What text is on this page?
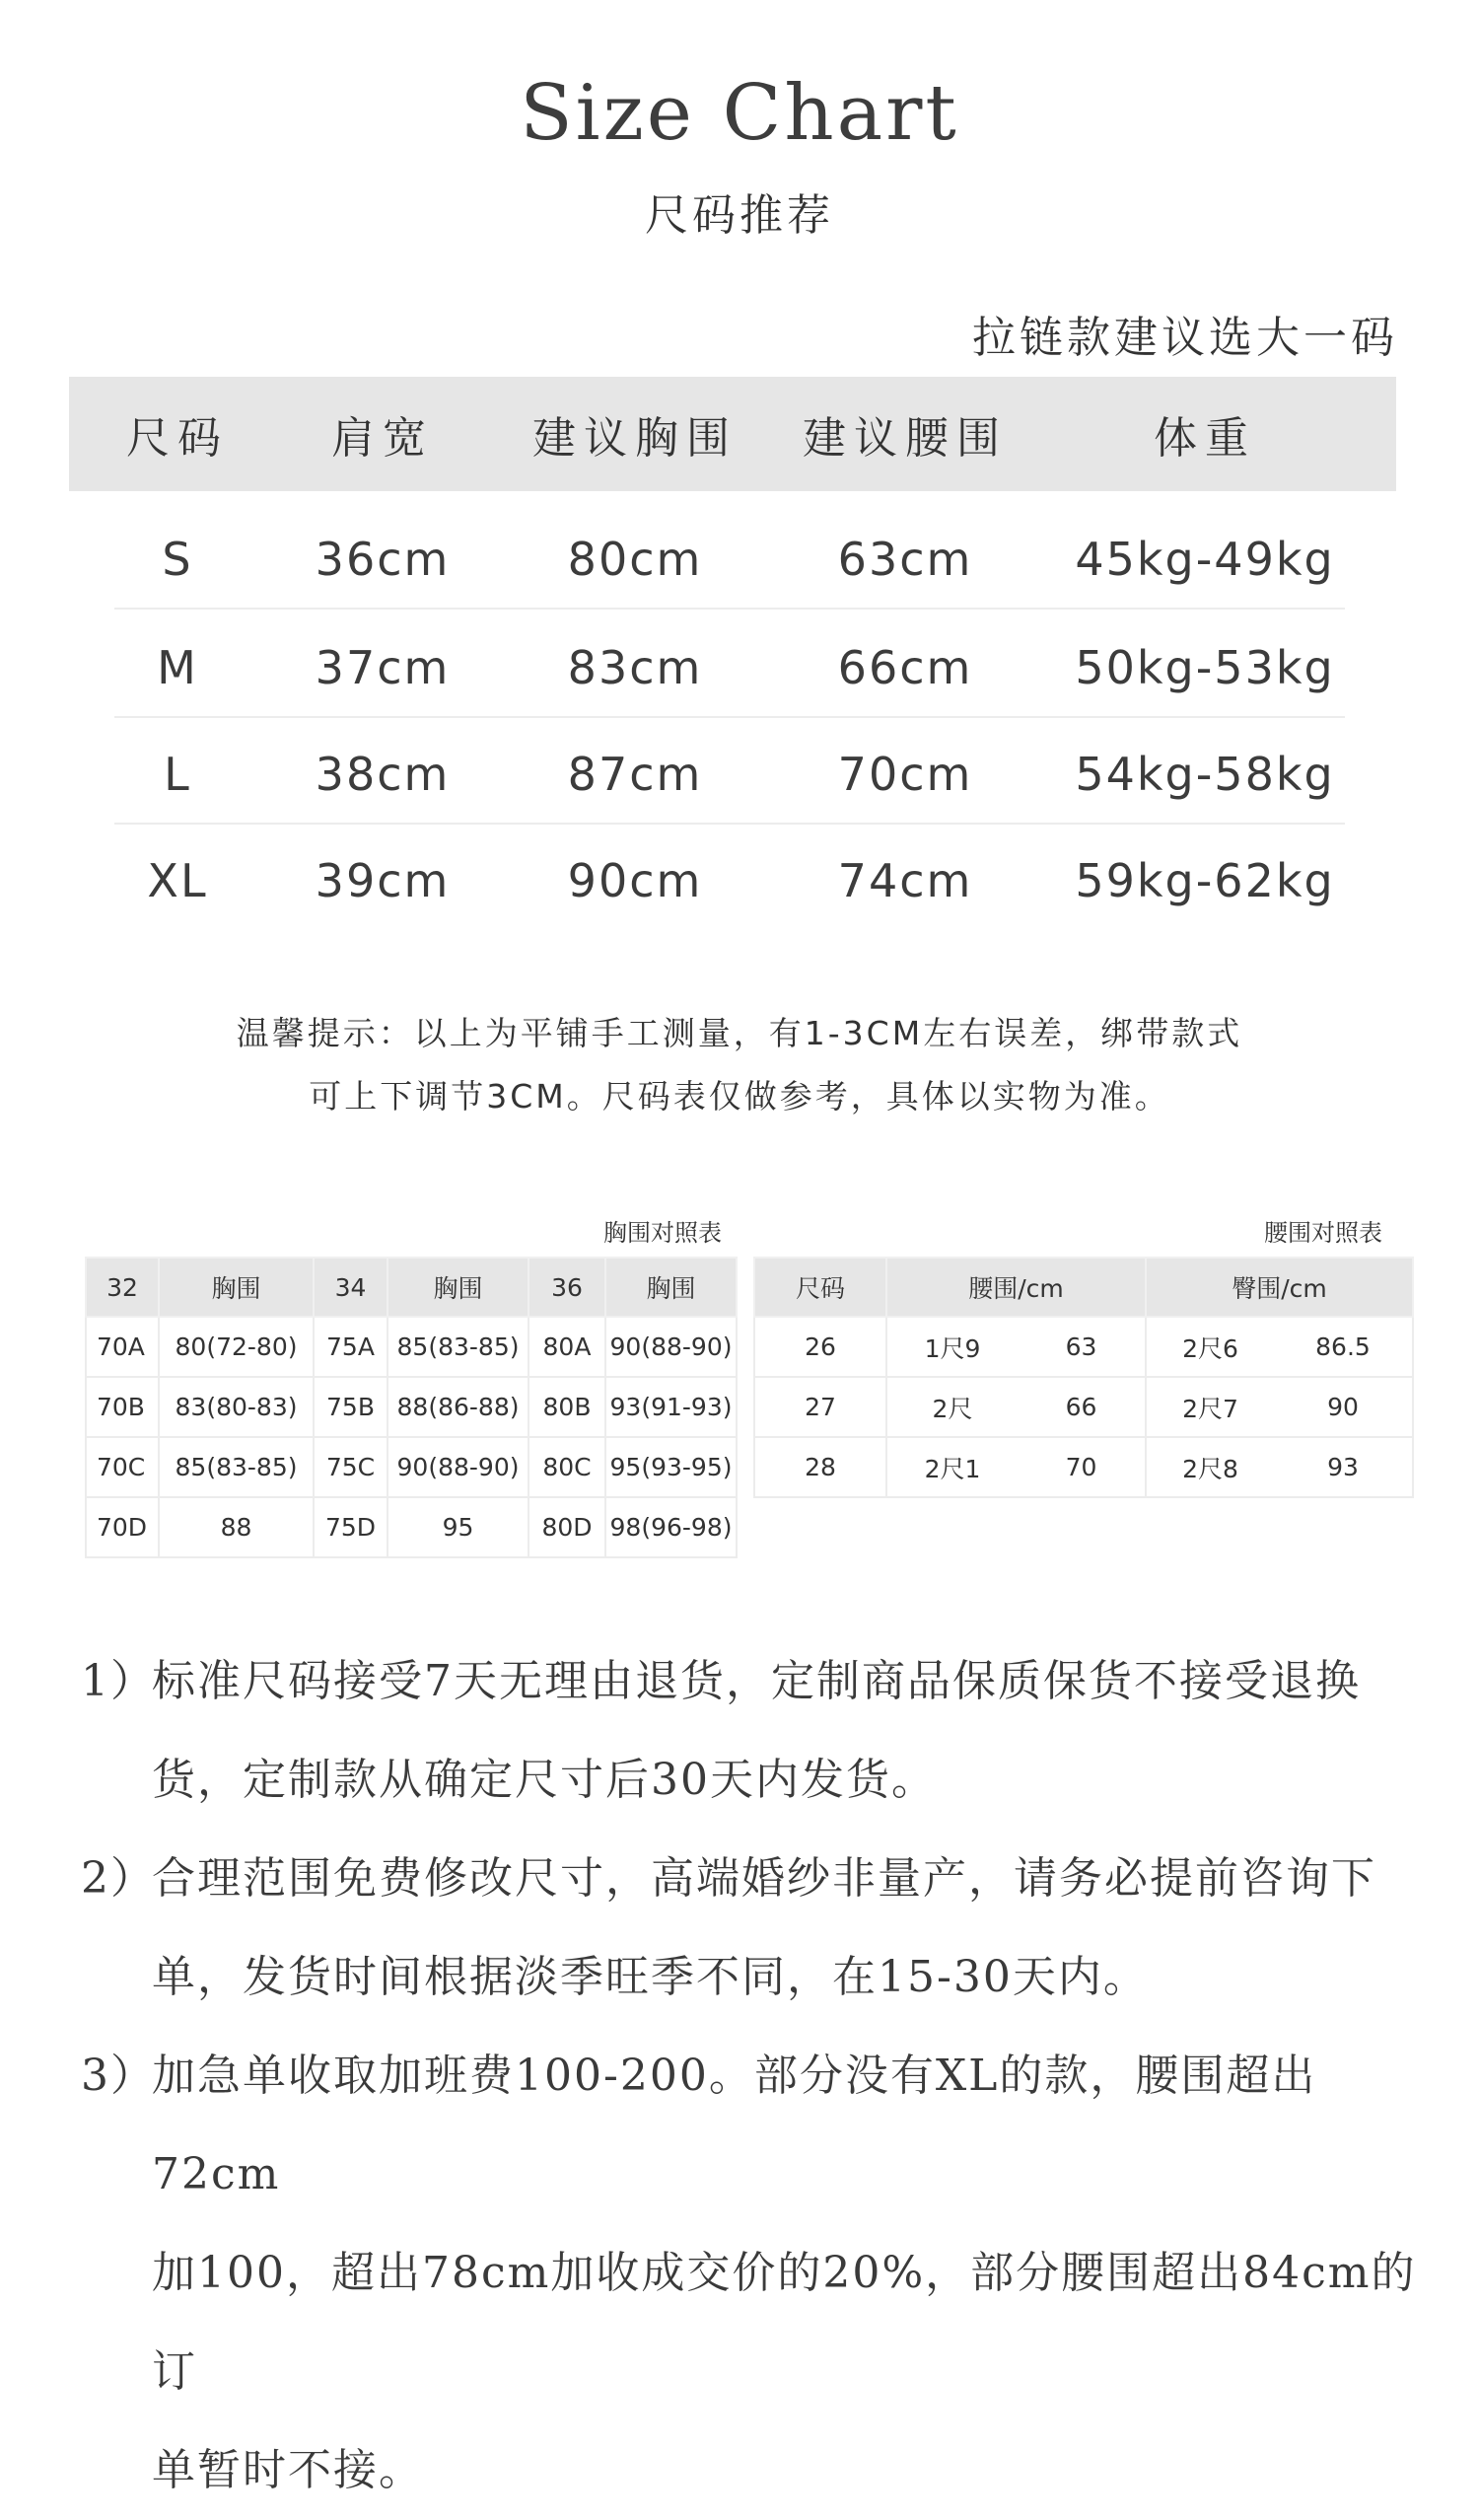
Size Chart
尺码推荐
拉链款建议选大一码
尺码 肩宽 建议胸围 建议腰围	体重
S	36cm	80cm	63cm 45kg-49kg
M	37cm	83cm	66cm 50kg-53kg
L	38cm	87cm	70cm 54kg-58kg
XL 39cm	90cm	74cm 59kg-62kg
温馨提示：以上为平铺手工测量，有1-3CM左右误差，绑带款式
可上下调节3CM。尺码表仅做参考，具体以实物为准。
胸围对照表
32	胸围	34	胸围	36	胸围
70A	80(72-80)	75A	85(83-85)	80A	90(88-90)
70B	83(80-83)	75B	88(86-88)	80B	93(91-93)
70C	85(83-85)	75C	90(88-90)	80C	95(93-95)
70D	88	75D	95	80D	98(96-98)
腰围对照表
尺码	腰围/cm		臀围/cm	
26	1尺9	63	2尺6	86.5
27	2尺	66	2尺7	90
28	2尺1	70	2尺8	93
1）
标准尺码接受7天无理由退货，定制商品保质保货不接受退换
货，定制款从确定尺寸后30天内发货。
2）
合理范围免费修改尺寸，高端婚纱非量产，请务必提前咨询下
单，发货时间根据淡季旺季不同，在15-30天内。
3）
加急单收取加班费100-200。部分没有XL的款，腰围超出72cm
加100，超出78cm加收成交价的20%，部分腰围超出84cm的订
单暂时不接。
